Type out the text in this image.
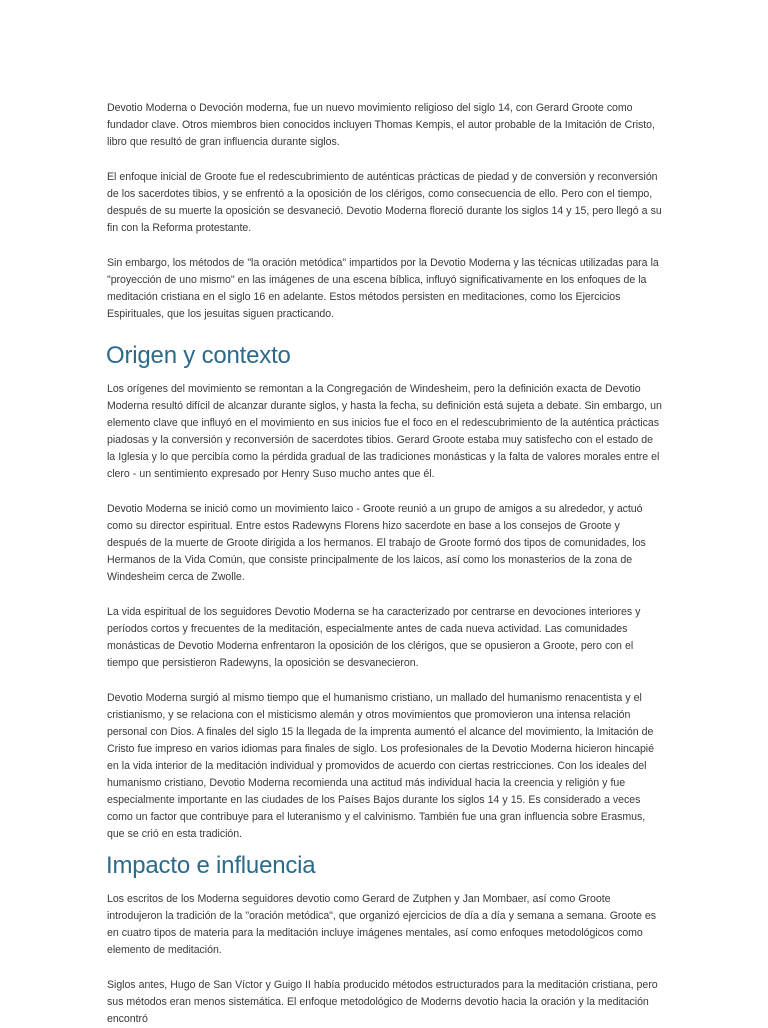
Devotio Moderna o Devoción moderna, fue un nuevo movimiento religioso del siglo 14, con Gerard Groote como fundador clave. Otros miembros bien conocidos incluyen Thomas Kempis, el autor probable de la Imitación de Cristo, libro que resultó de gran influencia durante siglos.

El enfoque inicial de Groote fue el redescubrimiento de auténticas prácticas de piedad y de conversión y reconversión de los sacerdotes tibios, y se enfrentó a la oposición de los clérigos, como consecuencia de ello. Pero con el tiempo, después de su muerte la oposición se desvaneció. Devotio Moderna floreció durante los siglos 14 y 15, pero llegó a su fin con la Reforma protestante.

Sin embargo, los métodos de "la oración metódica" impartidos por la Devotio Moderna y las técnicas utilizadas para la "proyección de uno mismo" en las imágenes de una escena bíblica, influyó significativamente en los enfoques de la meditación cristiana en el siglo 16 en adelante. Estos métodos persisten en meditaciones, como los Ejercicios Espirituales, que los jesuitas siguen practicando.

Origen y contexto

Los orígenes del movimiento se remontan a la Congregación de Windesheim, pero la definición exacta de Devotio Moderna resultó difícil de alcanzar durante siglos, y hasta la fecha, su definición está sujeta a debate. Sin embargo, un elemento clave que influyó en el movimiento en sus inicios fue el foco en el redescubrimiento de la auténtica prácticas piadosas y la conversión y reconversión de sacerdotes tibios. Gerard Groote estaba muy satisfecho con el estado de la Iglesia y lo que percibía como la pérdida gradual de las tradiciones monásticas y la falta de valores morales entre el clero - un sentimiento expresado por Henry Suso mucho antes que él.

Devotio Moderna se inició como un movimiento laico - Groote reunió a un grupo de amigos a su alrededor, y actuó como su director espiritual. Entre estos Radewyns Florens hizo sacerdote en base a los consejos de Groote y después de la muerte de Groote dirigida a los hermanos. El trabajo de Groote formó dos tipos de comunidades, los Hermanos de la Vida Común, que consiste principalmente de los laicos, así como los monasterios de la zona de Windesheim cerca de Zwolle.

La vida espiritual de los seguidores Devotio Moderna se ha caracterizado por centrarse en devociones interiores y períodos cortos y frecuentes de la meditación, especialmente antes de cada nueva actividad. Las comunidades monásticas de Devotio Moderna enfrentaron la oposición de los clérigos, que se opusieron a Groote, pero con el tiempo que persistieron Radewyns, la oposición se desvanecieron.

Devotio Moderna surgió al mismo tiempo que el humanismo cristiano, un mallado del humanismo renacentista y el cristianismo, y se relaciona con el misticismo alemán y otros movimientos que promovieron una intensa relación personal con Dios. A finales del siglo 15 la llegada de la imprenta aumentó el alcance del movimiento, la Imitación de Cristo fue impreso en varios idiomas para finales de siglo. Los profesionales de la Devotio Moderna hicieron hincapié en la vida interior de la meditación individual y promovidos de acuerdo con ciertas restricciones. Con los ideales del humanismo cristiano, Devotio Moderna recomienda una actitud más individual hacia la creencia y religión y fue especialmente importante en las ciudades de los Países Bajos durante los siglos 14 y 15. Es considerado a veces como un factor que contribuye para el luteranismo y el calvinismo. También fue una gran influencia sobre Erasmus, que se crió en esta tradición.

Impacto e influencia

Los escritos de los Moderna seguidores devotio como Gerard de Zutphen y Jan Mombaer, así como Groote introdujeron la tradición de la "oración metódica", que organizó ejercicios de día a día y semana a semana. Groote es en cuatro tipos de materia para la meditación incluye imágenes mentales, así como enfoques metodológicos como elemento de meditación.

Siglos antes, Hugo de San Víctor y Guigo II había producido métodos estructurados para la meditación cristiana, pero sus métodos eran menos sistemática. El enfoque metodológico de Moderns devotio hacia la oración y la meditación encontró
